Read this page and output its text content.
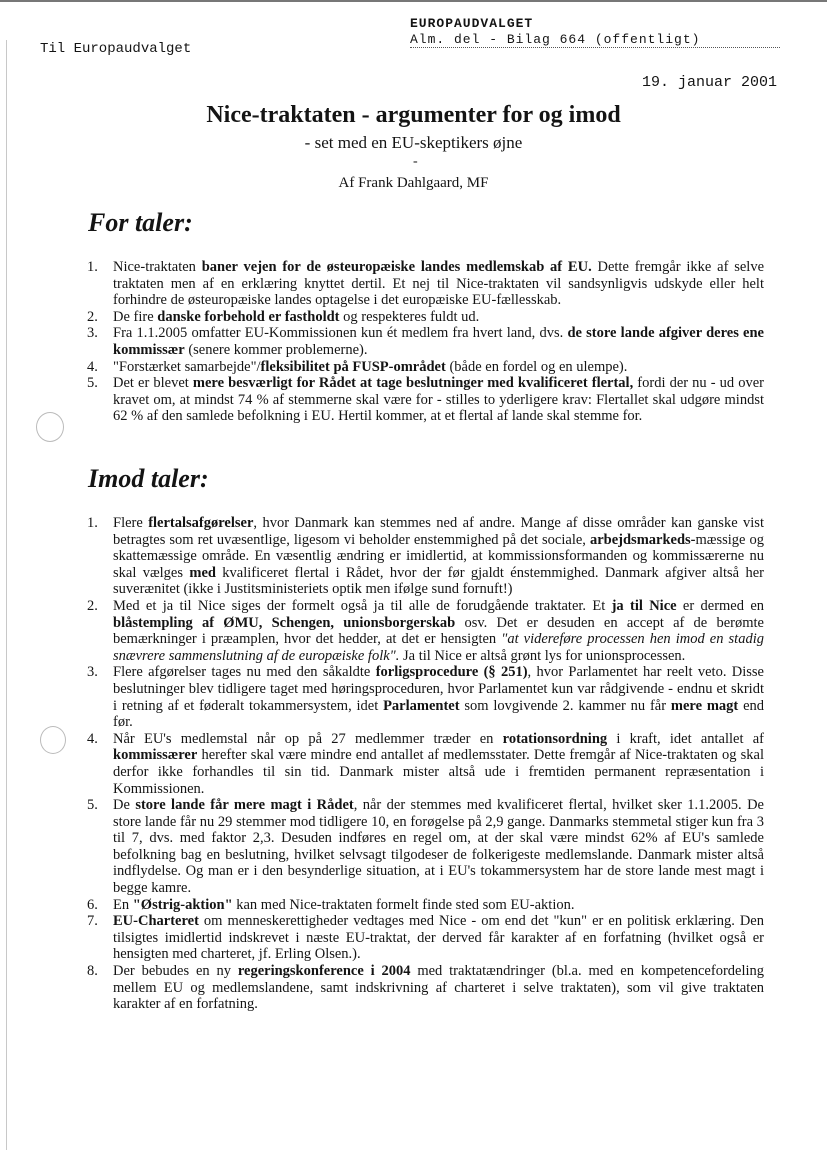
EUROPAUDVALGET
Alm. del - Bilag 664 (offentligt)
Til Europaudvalget
19. januar 2001
Nice-traktaten - argumenter for og imod
- set med en EU-skeptikers øjne
-
Af Frank Dahlgaard, MF
For taler:
1. Nice-traktaten baner vejen for de østeuropæiske landes medlemskab af EU. Dette fremgår ikke af selve traktaten men af en erklæring knyttet dertil. Et nej til Nice-traktaten vil sandsynligvis udskyde eller helt forhindre de østeuropæiske landes optagelse i det europæiske EU-fællesskab.
2. De fire danske forbehold er fastholdt og respekteres fuldt ud.
3. Fra 1.1.2005 omfatter EU-Kommissionen kun ét medlem fra hvert land, dvs. de store lande afgiver deres ene kommissær (senere kommer problemerne).
4. "Forstærket samarbejde"/fleksibilitet på FUSP-området (både en fordel og en ulempe).
5. Det er blevet mere besværligt for Rådet at tage beslutninger med kvalificeret flertal, fordi der nu - ud over kravet om, at mindst 74 % af stemmerne skal være for - stilles to yderligere krav: Flertallet skal udgøre mindst 62 % af den samlede befolkning i EU. Hertil kommer, at et flertal af lande skal stemme for.
Imod taler:
1. Flere flertalsafgørelser, hvor Danmark kan stemmes ned af andre. Mange af disse områder kan ganske vist betragtes som ret uvæsentlige, ligesom vi beholder enstemmighed på det sociale, arbejdsmarkeds-mæssige og skattemæssige område. En væsentlig ændring er imidlertid, at kommissionsformanden og kommissærerne nu skal vælges med kvalificeret flertal i Rådet, hvor der før gjaldt énstemmighed. Danmark afgiver altså her suverænitet (ikke i Justitsministeriets optik men ifølge sund fornuft!)
2. Med et ja til Nice siges der formelt også ja til alle de forudgående traktater. Et ja til Nice er dermed en blåstempling af ØMU, Schengen, unionsborgerskab osv. Det er desuden en accept af de berømte bemærkninger i præamplen, hvor det hedder, at det er hensigten "at videreføre processen hen imod en stadig snævrere sammenslutning af de europæiske folk". Ja til Nice er altså grønt lys for unionsprocessen.
3. Flere afgørelser tages nu med den såkaldte forligsprocedure (§ 251), hvor Parlamentet har reelt veto. Disse beslutninger blev tidligere taget med høringsproceduren, hvor Parlamentet kun var rådgivende - endnu et skridt i retning af et føderalt tokammersystem, idet Parlamentet som lovgivende 2. kammer nu får mere magt end før.
4. Når EU's medlemstal når op på 27 medlemmer træder en rotationsordning i kraft, idet antallet af kommissærer herefter skal være mindre end antallet af medlemsstater. Dette fremgår af Nice-traktaten og skal derfor ikke forhandles til sin tid. Danmark mister altså ude i fremtiden permanent repræsentation i Kommissionen.
5. De store lande får mere magt i Rådet, når der stemmes med kvalificeret flertal, hvilket sker 1.1.2005. De store lande får nu 29 stemmer mod tidligere 10, en forøgelse på 2,9 gange. Danmarks stemmetal stiger kun fra 3 til 7, dvs. med faktor 2,3. Desuden indføres en regel om, at der skal være mindst 62% af EU's samlede befolkning bag en beslutning, hvilket selvsagt tilgodeser de folkerigeste medlemslande. Danmark mister altså indflydelse. Og man er i den besynderlige situation, at i EU's tokammersystem har de store lande mest magt i begge kamre.
6. En "Østrig-aktion" kan med Nice-traktaten formelt finde sted som EU-aktion.
7. EU-Charteret om menneskerettigheder vedtages med Nice - om end det "kun" er en politisk erklæring. Den tilsigtes imidlertid indskrevet i næste EU-traktat, der derved får karakter af en forfatning (hvilket også er hensigten med charteret, jf. Erling Olsen.).
8. Der bebudes en ny regeringskonference i 2004 med traktatændringer (bl.a. med en kompetencefordeling mellem EU og medlemslandene, samt indskrivning af charteret i selve traktaten), som vil give traktaten karakter af en forfatning.
